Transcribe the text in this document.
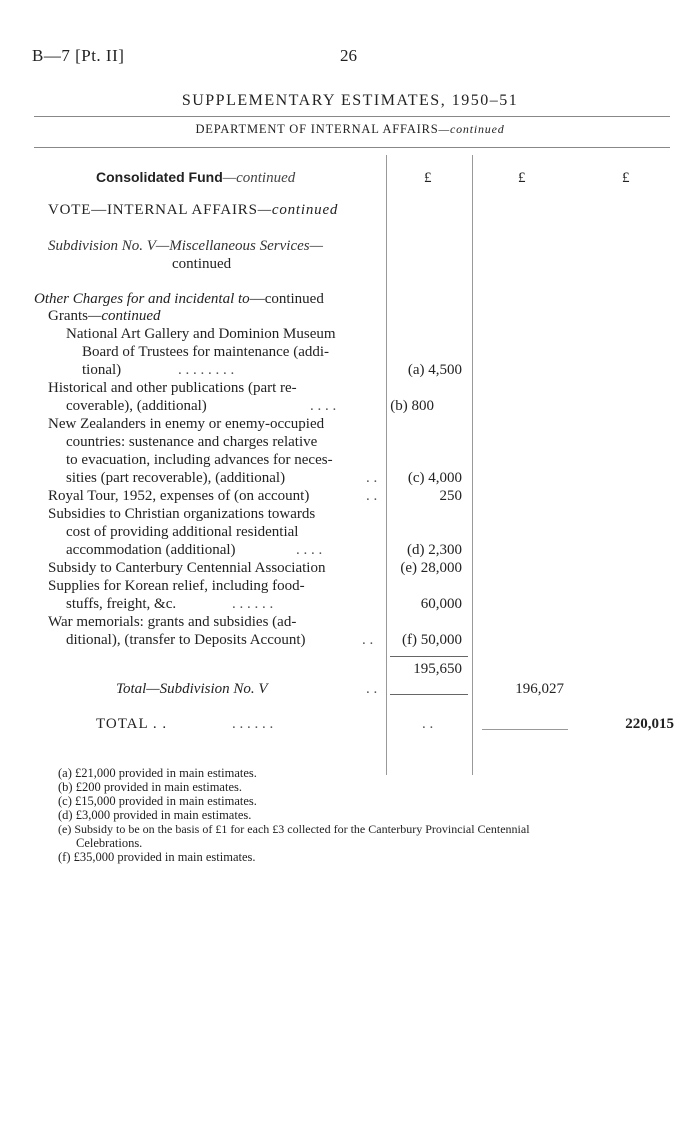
B—7 [Pt. II]	26
SUPPLEMENTARY ESTIMATES, 1950–51
DEPARTMENT OF INTERNAL AFFAIRS—continued
Consolidated Fund—continued	£	£	£
VOTE—INTERNAL AFFAIRS—continued
Subdivision No. V—Miscellaneous Services—
continued
Other Charges for and incidental to—continued
Grants—continued
National Art Gallery and Dominion Museum
Board of Trustees for maintenance (addi-
tional)	. . . . . . . .	(a) 4,500
Historical and other publications (part re-
coverable), (additional)	. . . .	(b) 800
New Zealanders in enemy or enemy-occupied
countries: sustenance and charges relative
to evacuation, including advances for neces-
sities (part recoverable), (additional)	. .	(c) 4,000
Royal Tour, 1952, expenses of (on account)	. .	250
Subsidies to Christian organizations towards
cost of providing additional residential
accommodation (additional)	. . . .	(d) 2,300
Subsidy to Canterbury Centennial Association	(e) 28,000
Supplies for Korean relief, including food-
stuffs, freight, &c.	. . . . . .	60,000
War memorials: grants and subsidies (ad-
ditional), (transfer to Deposits Account)	. .	(f) 50,000
195,650
Total—Subdivision No. V	. .	196,027
TOTAL . .	. . . . . .	. .	220,015
(a) £21,000 provided in main estimates.
(b) £200 provided in main estimates.
(c) £15,000 provided in main estimates.
(d) £3,000 provided in main estimates.
(e) Subsidy to be on the basis of £1 for each £3 collected for the Canterbury Provincial Centennial
Celebrations.
(f) £35,000 provided in main estimates.
